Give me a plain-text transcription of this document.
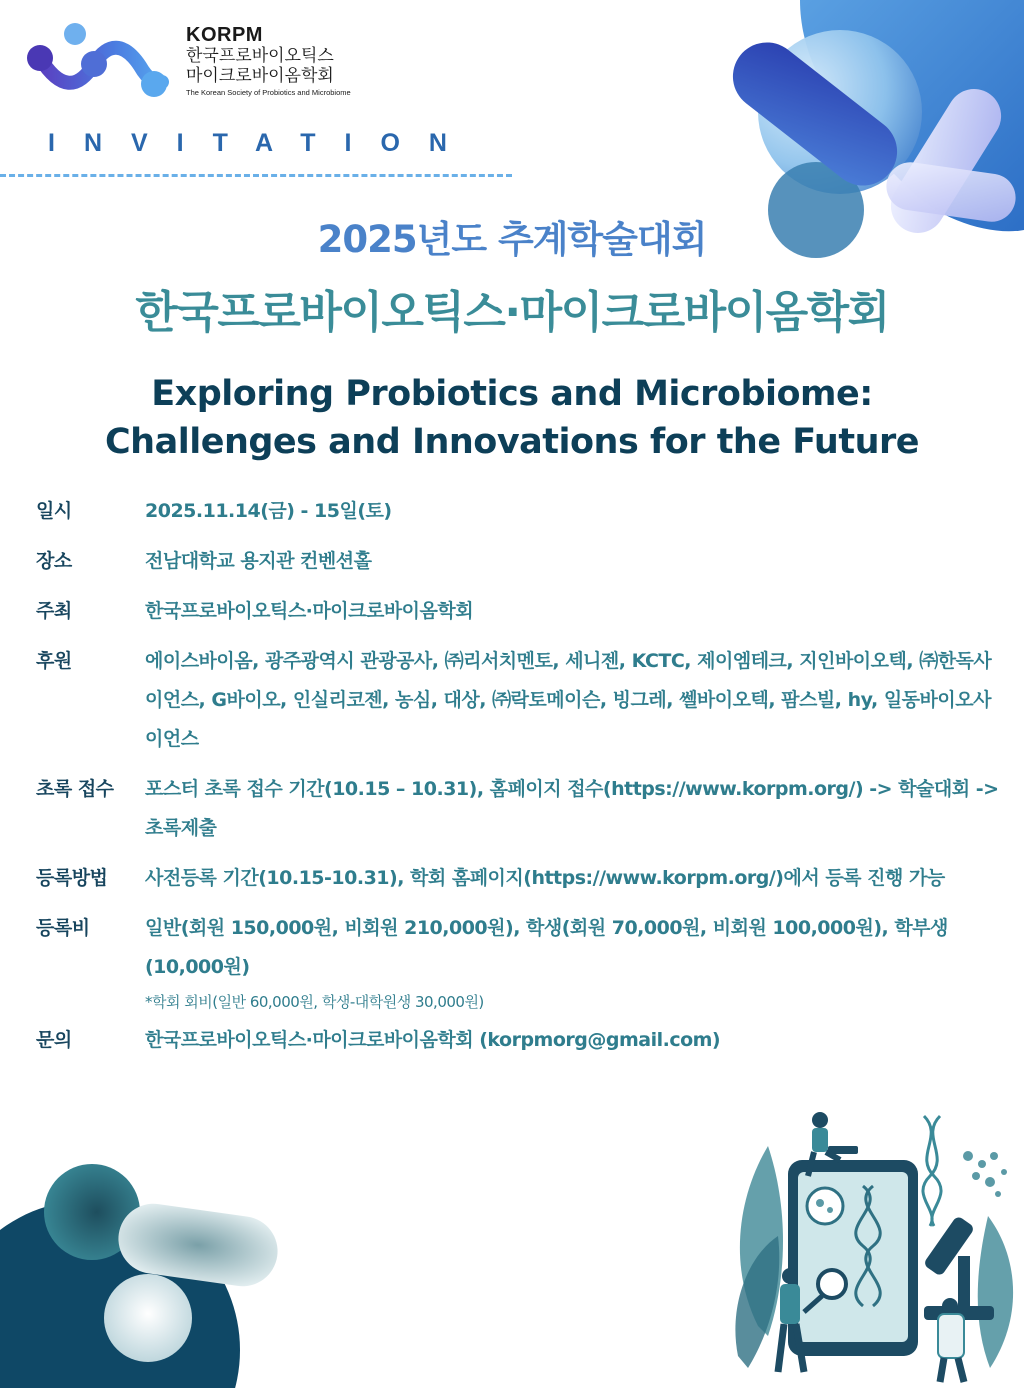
KORPM
한국프로바이오틱스
마이크로바이옴학회
The Korean Society of Probiotics and Microbiome
INVITATION
2025년도 추계학술대회
한국프로바이오틱스·마이크로바이옴학회
Exploring Probiotics and Microbiome:
Challenges and Innovations for the Future
일시	2025.11.14(금) - 15일(토)
장소	전남대학교 용지관 컨벤션홀
주최	한국프로바이오틱스·마이크로바이옴학회
후원	에이스바이옴, 광주광역시 관광공사, ㈜리서치멘토, 세니젠, KCTC, 제이엠테크, 지인바이오텍, ㈜한독사이언스, G바이오, 인실리코젠, 농심, 대상, ㈜락토메이슨, 빙그레, 쎌바이오텍, 팜스빌, hy, 일동바이오사이언스
초록 접수	포스터 초록 접수 기간(10.15 – 10.31), 홈페이지 접수(https://www.korpm.org/) -> 학술대회 -> 초록제출
등록방법	사전등록 기간(10.15-10.31), 학회 홈페이지(https://www.korpm.org/)에서 등록 진행 가능
등록비	일반(회원 150,000원, 비회원 210,000원), 학생(회원 70,000원, 비회원 100,000원), 학부생(10,000원)
*학회 회비(일반 60,000원, 학생-대학원생 30,000원)
문의	한국프로바이오틱스·마이크로바이옴학회 (korpmorg@gmail.com)
